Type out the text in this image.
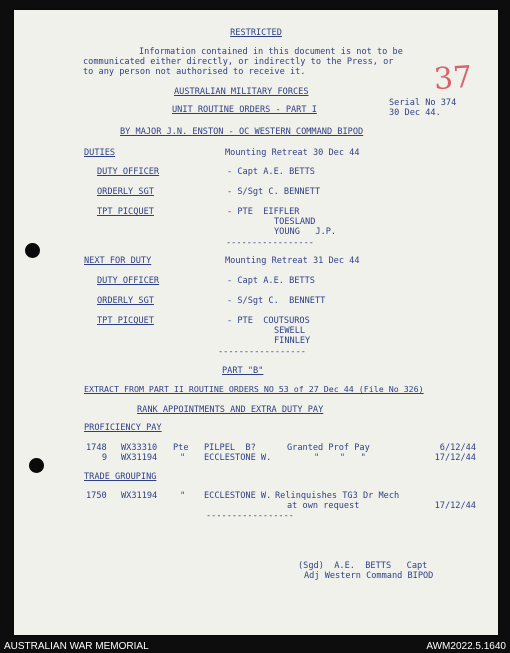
RESTRICTED
Information contained in this document is not to be
communicated either directly, or indirectly to the Press, or
to any person not authorised to receive it.	37
AUSTRALIAN MILITARY FORCES
UNIT ROUTINE ORDERS - PART I
Serial No 374
30 Dec 44.
BY MAJOR J.N. ENSTON - OC WESTERN COMMAND BIPOD
DUTIES	Mounting Retreat 30 Dec 44
DUTY OFFICER	- Capt A.E. BETTS
ORDERLY SGT	- S/Sgt C. BENNETT
TPT PICQUET	- PTE  EIFFLER
TOESLAND
YOUNG   J.P.
-----------------
NEXT FOR DUTY	Mounting Retreat 31 Dec 44
DUTY OFFICER	- Capt A.E. BETTS
ORDERLY SGT	- S/Sgt C.  BENNETT
TPT PICQUET	- PTE  COUTSUROS
SEWELL
FINNLEY
-----------------
PART "B"
EXTRACT FROM PART II ROUTINE ORDERS NO 53 of 27 Dec 44 (File No 326)
RANK APPOINTMENTS AND EXTRA DUTY PAY
PROFICIENCY PAY
1748 WX33310 Pte PILPEL  B?	Granted Prof Pay	6/12/44
9 WX31194	" ECCLESTONE W.	"    "   "	17/12/44
TRADE GROUPING
1750 WX31194	" ECCLESTONE W. Relinquishes TG3 Dr Mech
at own request	17/12/44
-----------------
(Sgd)  A.E.  BETTS   Capt
Adj Western Command BIPOD
AUSTRALIAN WAR MEMORIAL	AWM2022.5.1640
